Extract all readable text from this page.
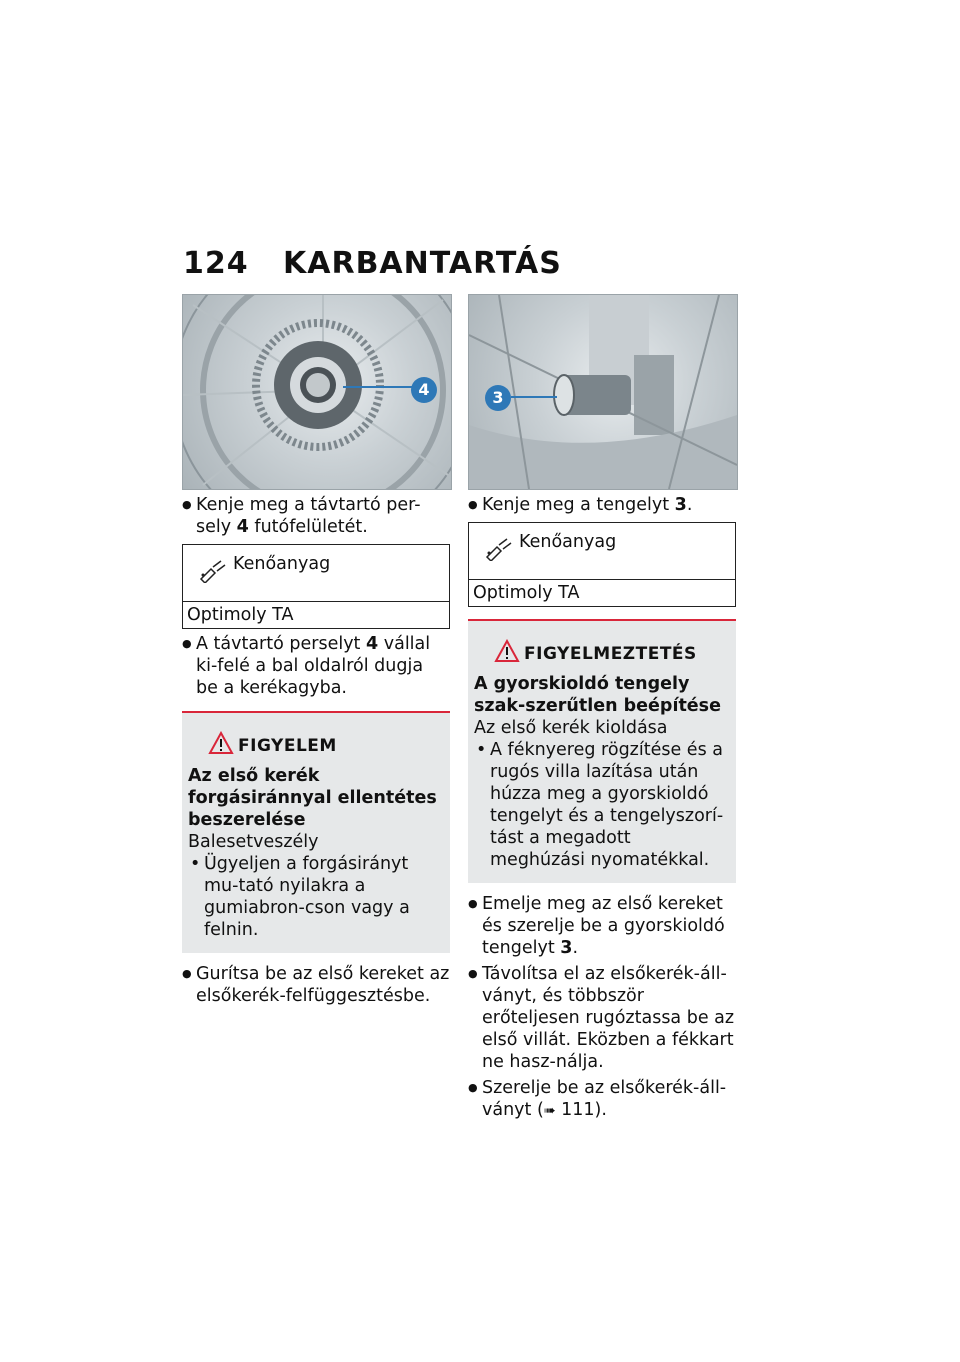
124	KARBANTARTÁS
4
● Kenje meg a távtartó per-sely 4 futófelületét.
Kenőanyag
Optimoly TA
● A távtartó perselyt 4 vállal ki-felé a bal oldalról dugja be a kerékagyba.
FIGYELEM
Az első kerék forgásiránnyal ellentétes beszerelése
Balesetveszély
• Ügyeljen a forgásirányt mu-tató nyilakra a gumiabron-cson vagy a felnin.
● Gurítsa be az első kereket az elsőkerék-felfüggesztésbe.
3
● Kenje meg a tengelyt 3.
Kenőanyag
Optimoly TA
FIGYELMEZTETÉS
A gyorskioldó tengely szak-szerűtlen beépítése
Az első kerék kioldása
• A féknyereg rögzítése és a rugós villa lazítása után húzza meg a gyorskioldó tengelyt és a tengelyszorí-tást a megadott meghúzási nyomatékkal.
● Emelje meg az első kereket és szerelje be a gyorskioldó tengelyt 3.
● Távolítsa el az elsőkerék-áll-ványt, és többször erőteljesen rugóztassa be az első villát. Eközben a fékkart ne hasz-nálja.
● Szerelje be az elsőkerék-áll-ványt (➠ 111).
